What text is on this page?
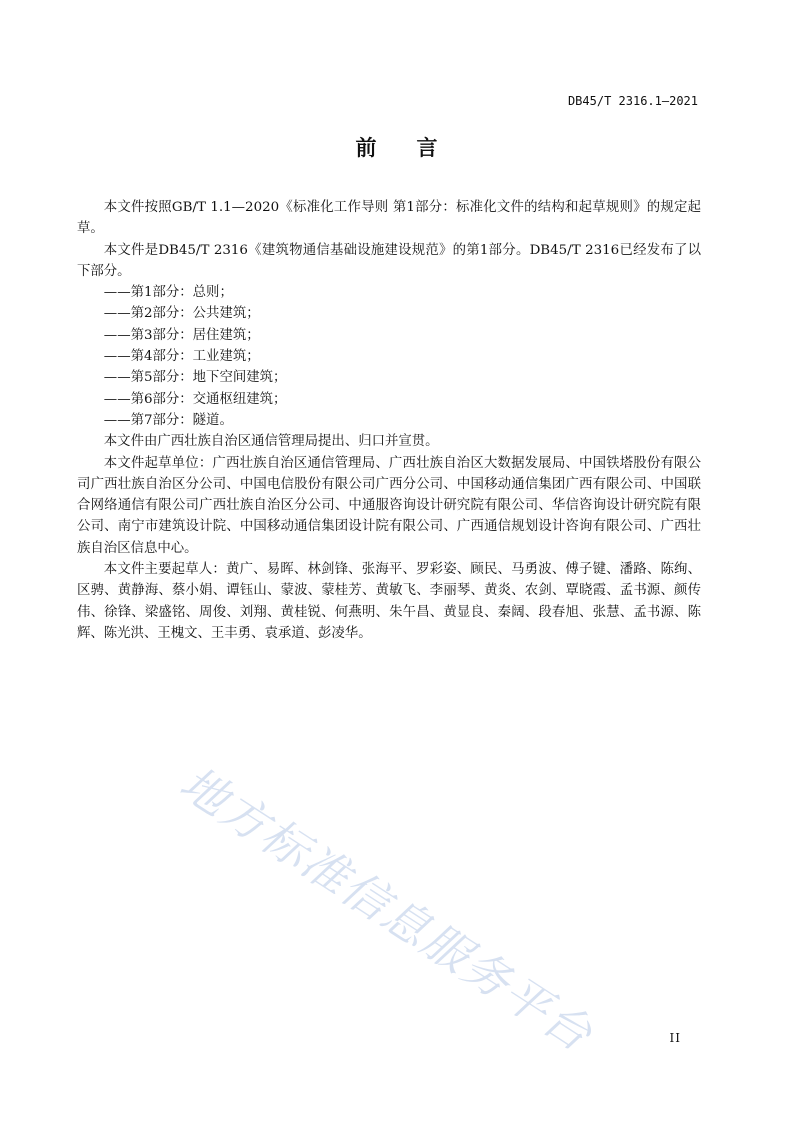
DB45/T 2316.1—2021
前言

本文件按照GB/T 1.1—2020《标准化工作导则 第1部分：标准化文件的结构和起草规则》的规定起草。

本文件是DB45/T 2316《建筑物通信基础设施建设规范》的第1部分。DB45/T 2316已经发布了以下部分。

——第1部分：总则；

——第2部分：公共建筑；

——第3部分：居住建筑；

——第4部分：工业建筑；

——第5部分：地下空间建筑；

——第6部分：交通枢纽建筑；

——第7部分：隧道。

本文件由广西壮族自治区通信管理局提出、归口并宣贯。

本文件起草单位：广西壮族自治区通信管理局、广西壮族自治区大数据发展局、中国铁塔股份有限公司广西壮族自治区分公司、中国电信股份有限公司广西分公司、中国移动通信集团广西有限公司、中国联合网络通信有限公司广西壮族自治区分公司、中通服咨询设计研究院有限公司、华信咨询设计研究院有限公司、南宁市建筑设计院、中国移动通信集团设计院有限公司、广西通信规划设计咨询有限公司、广西壮族自治区信息中心。

本文件主要起草人：黄广、易晖、林剑锋、张海平、罗彩姿、顾民、马勇波、傅子键、潘路、陈绚、区骋、黄静海、蔡小娟、谭钰山、蒙波、蒙桂芳、黄敏飞、李丽琴、黄炎、农剑、覃晓霞、孟书源、颜传伟、徐锋、梁盛铭、周俊、刘翔、黄桂锐、何燕明、朱午昌、黄显良、秦阔、段春旭、张慧、孟书源、陈辉、陈光洪、王槐文、王丰勇、袁承道、彭凌华。

地方标准信息服务平台	II
